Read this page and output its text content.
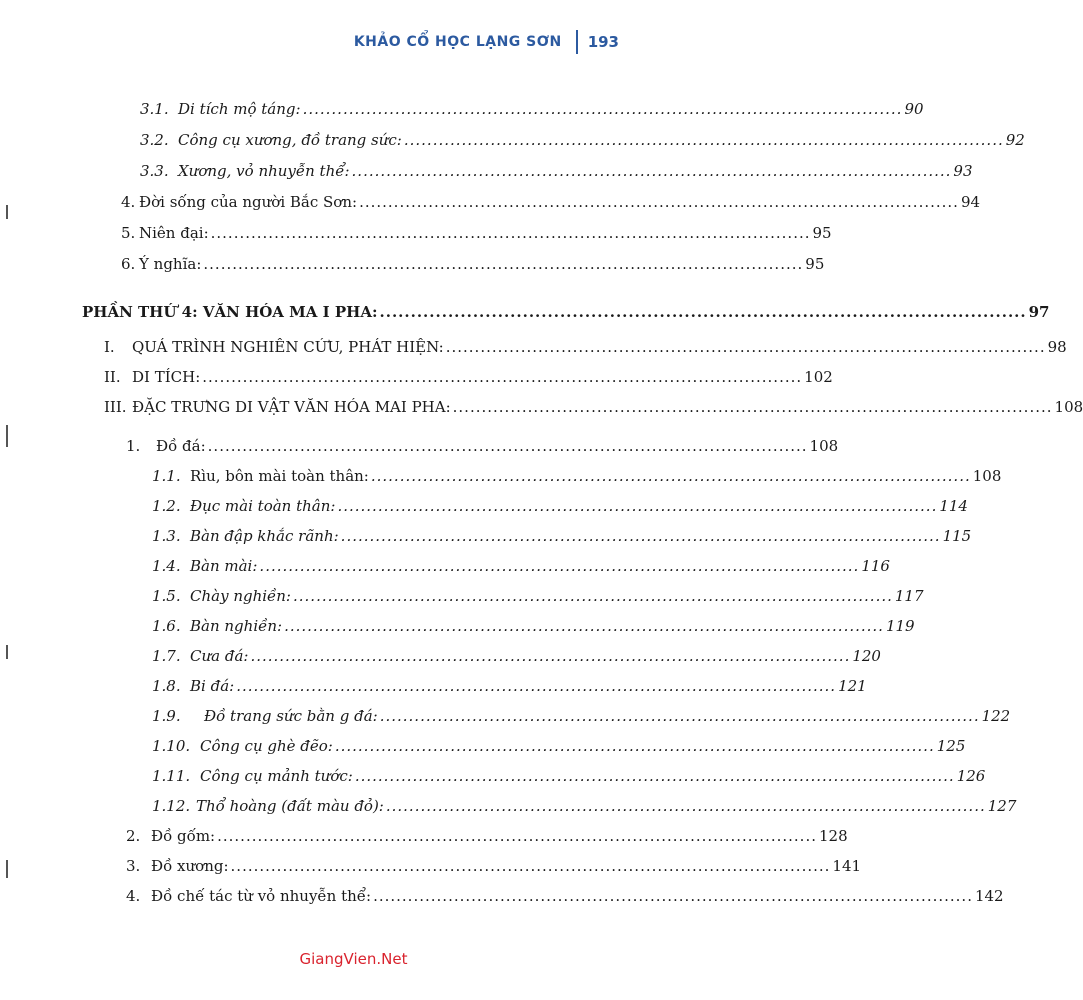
KHẢO CỔ HỌC LẠNG SƠN 193
3.1. Di tích mộ táng: ........................................................................................................ 90
3.2. Công cụ xương, đồ trang sức: ........................................................................................................ 92
3.3. Xương, vỏ nhuyễn thể: ........................................................................................................ 93
4. Đời sống của người Bắc Sơn: ........................................................................................................ 94
5. Niên đại: ........................................................................................................ 95
6. Ý nghĩa: ........................................................................................................ 95
PHẦN THỨ 4: VĂN HÓA MA I PHA: ........................................................................................................ 97
I.	QUÁ TRÌNH NGHIÊN CỨU, PHÁT HIỆN: ........................................................................................................ 98
II. DI TÍCH: ........................................................................................................ 102
III. ĐẶC TRƯNG DI VẬT VĂN HÓA MAI PHA: ........................................................................................................ 108
1.	Đồ đá: ........................................................................................................ 108
1.1. Rìu, bôn mài toàn thân: ........................................................................................................ 108
1.2. Đục mài toàn thân: ........................................................................................................ 114
1.3. Bàn đập khắc rãnh: ........................................................................................................ 115
1.4. Bàn mài: ........................................................................................................ 116
1.5. Chày nghiền: ........................................................................................................ 117
1.6. Bàn nghiền: ........................................................................................................ 119
1.7. Cưa đá: ........................................................................................................ 120
1.8. Bi đá: ........................................................................................................ 121
1.9.	Đồ trang sức bằn g đá: ........................................................................................................ 122
1.10. Công cụ ghè đẽo: ........................................................................................................ 125
1.11. Công cụ mảnh tước: ........................................................................................................ 126
1.12. Thổ hoàng (đất màu đỏ): ........................................................................................................ 127
2. Đồ gốm: ........................................................................................................ 128
3. Đồ xương: ........................................................................................................ 141
4. Đồ chế tác từ vỏ nhuyễn thể: ........................................................................................................ 142
GiangVien.Net
